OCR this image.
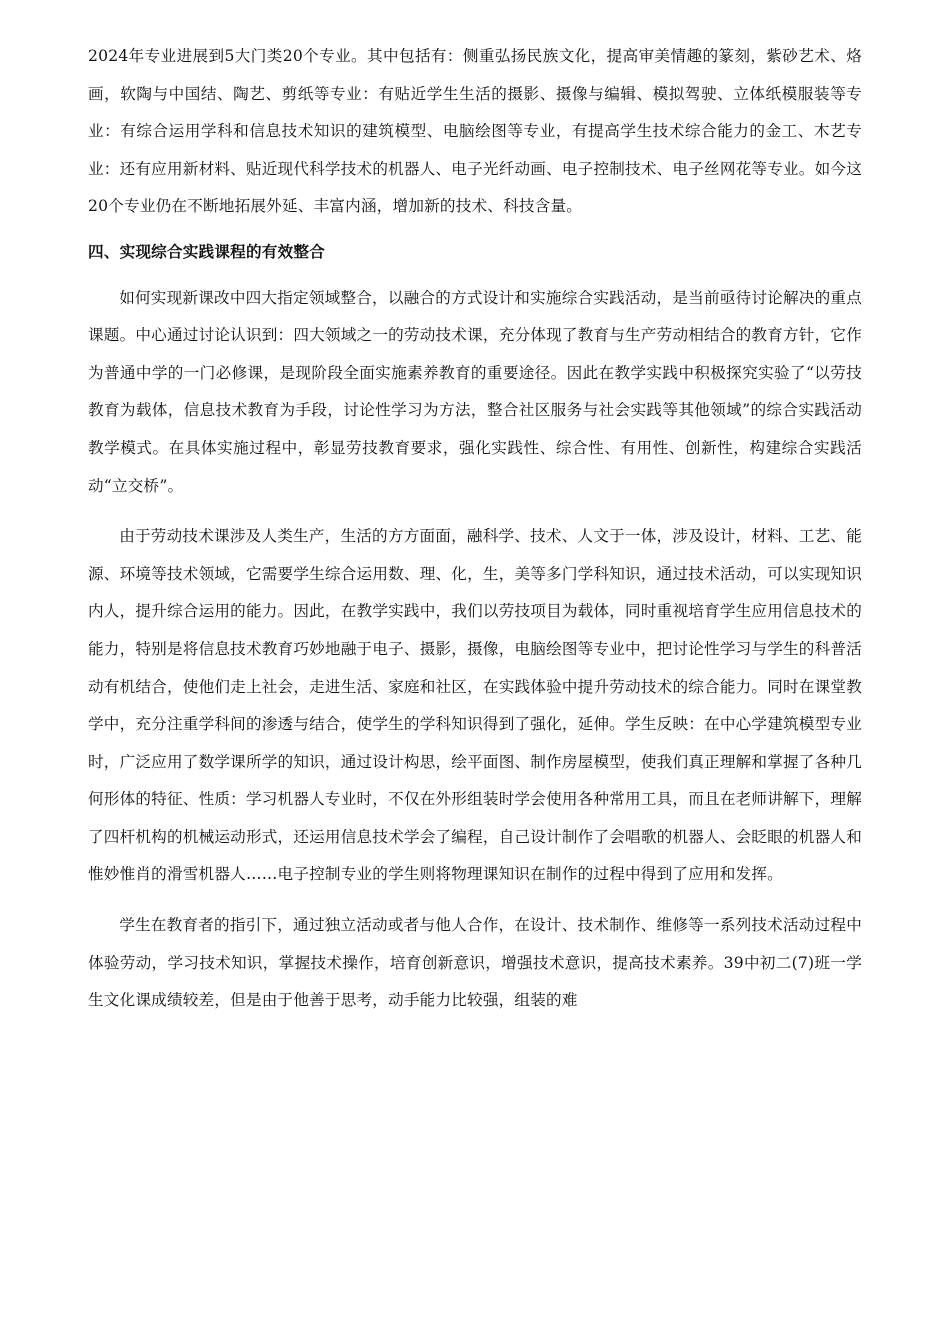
2024年专业进展到5大门类20个专业。其中包括有：侧重弘扬民族文化，提高审美情趣的篆刻，紫砂艺术、烙画，软陶与中国结、陶艺、剪纸等专业：有贴近学生生活的摄影、摄像与编辑、模拟驾驶、立体纸模服装等专业：有综合运用学科和信息技术知识的建筑模型、电脑绘图等专业，有提高学生技术综合能力的金工、木艺专业：还有应用新材料、贴近现代科学技术的机器人、电子光纤动画、电子控制技术、电子丝网花等专业。如今这20个专业仍在不断地拓展外延、丰富内涵，增加新的技术、科技含量。

四、实现综合实践课程的有效整合

如何实现新课改中四大指定领域整合，以融合的方式设计和实施综合实践活动，是当前亟待讨论解决的重点课题。中心通过讨论认识到：四大领域之一的劳动技术课，充分体现了教育与生产劳动相结合的教育方针，它作为普通中学的一门必修课，是现阶段全面实施素养教育的重要途径。因此在教学实践中积极探究实验了“以劳技教育为载体，信息技术教育为手段，讨论性学习为方法，整合社区服务与社会实践等其他领域”的综合实践活动教学模式。在具体实施过程中，彰显劳技教育要求，强化实践性、综合性、有用性、创新性，构建综合实践活动“立交桥”。

由于劳动技术课涉及人类生产，生活的方方面面，融科学、技术、人文于一体，涉及设计，材料、工艺、能源、环境等技术领域，它需要学生综合运用数、理、化，生，美等多门学科知识，通过技术活动，可以实现知识内人，提升综合运用的能力。因此，在教学实践中，我们以劳技项目为载体，同时重视培育学生应用信息技术的能力，特别是将信息技术教育巧妙地融于电子、摄影，摄像，电脑绘图等专业中，把讨论性学习与学生的科普活动有机结合，使他们走上社会，走进生活、家庭和社区，在实践体验中提升劳动技术的综合能力。同时在课堂教学中，充分注重学科间的渗透与结合，使学生的学科知识得到了强化，延伸。学生反映：在中心学建筑模型专业时，广泛应用了数学课所学的知识，通过设计构思，绘平面图、制作房屋模型，使我们真正理解和掌握了各种几何形体的特征、性质：学习机器人专业时，不仅在外形组装时学会使用各种常用工具，而且在老师讲解下，理解了四杆机构的机械运动形式，还运用信息技术学会了编程，自己设计制作了会唱歌的机器人、会眨眼的机器人和惟妙惟肖的滑雪机器人……电子控制专业的学生则将物理课知识在制作的过程中得到了应用和发挥。

学生在教育者的指引下，通过独立活动或者与他人合作，在设计、技术制作、维修等一系列技术活动过程中体验劳动，学习技术知识，掌握技术操作，培育创新意识，增强技术意识，提高技术素养。39中初二(7)班一学生文化课成绩较差，但是由于他善于思考，动手能力比较强，组装的难
